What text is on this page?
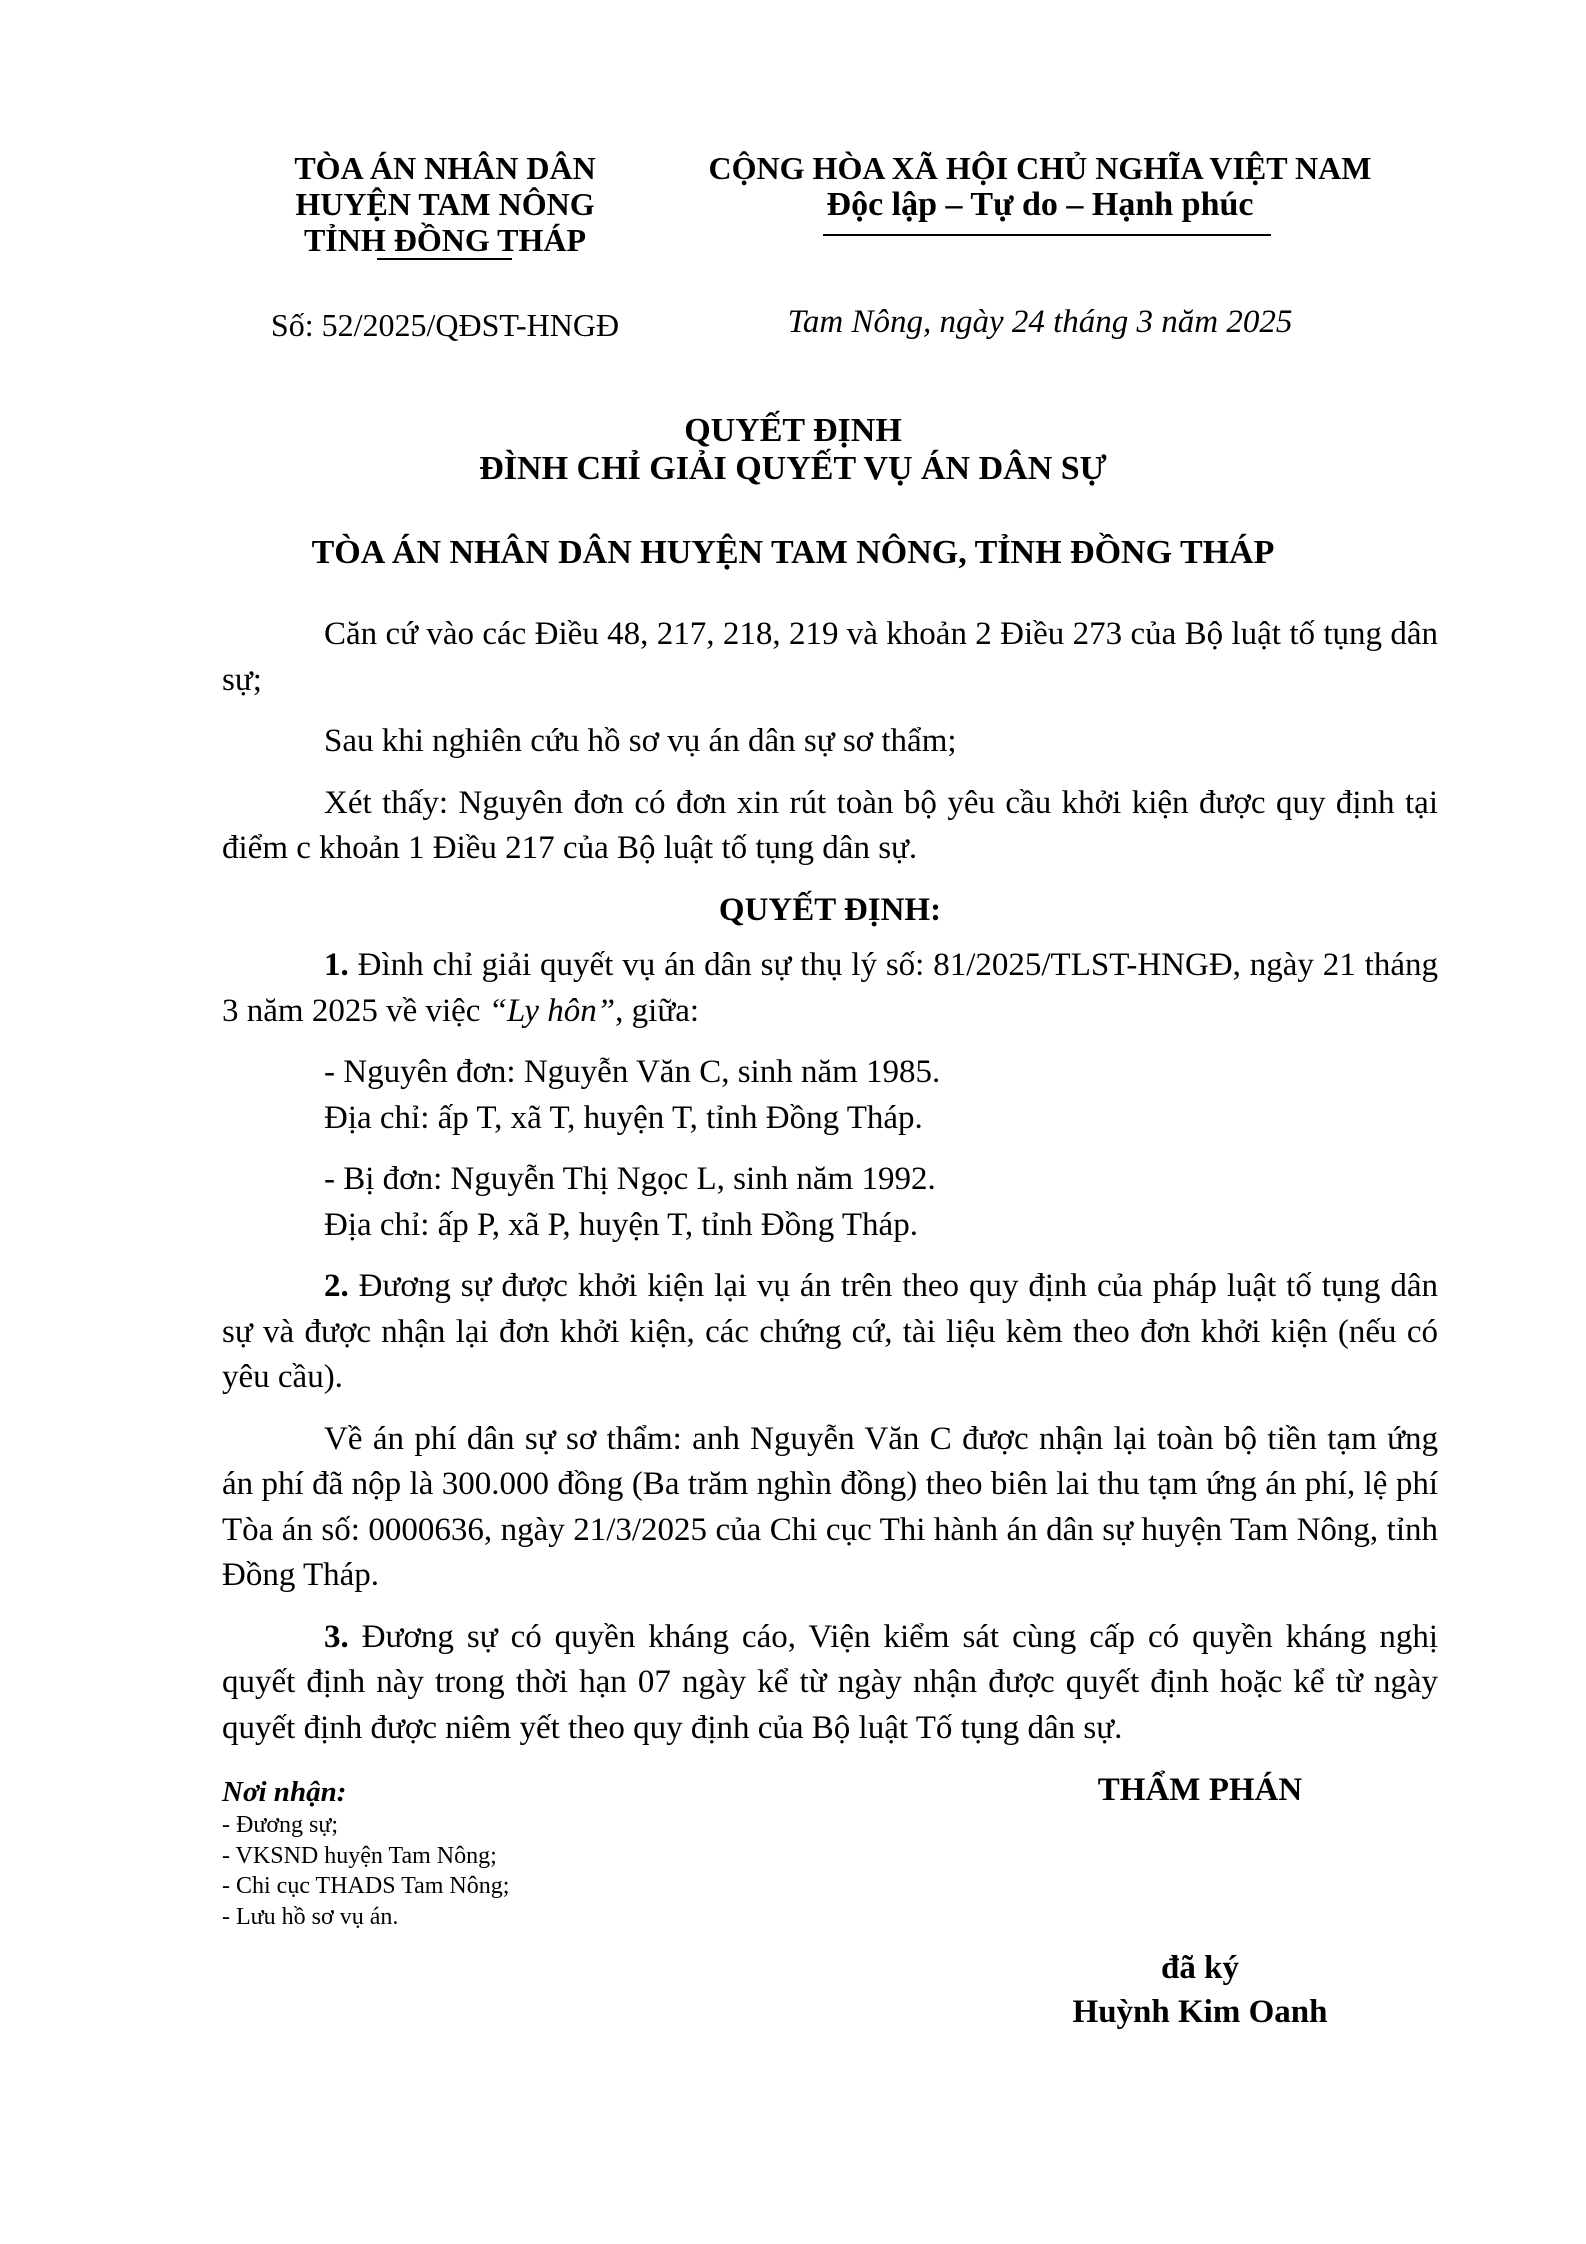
TÒA ÁN NHÂN DÂN
HUYỆN TAM NÔNG
TỈNH ĐỒNG THÁP
Số: 52/2025/QĐST-HNGĐ
CỘNG HÒA XÃ HỘI CHỦ NGHĨA VIỆT NAM
Độc lập – Tự do – Hạnh phúc
Tam Nông, ngày 24 tháng 3 năm 2025
QUYẾT ĐỊNH
ĐÌNH CHỈ GIẢI QUYẾT VỤ ÁN DÂN SỰ
TÒA ÁN NHÂN DÂN HUYỆN TAM NÔNG, TỈNH ĐỒNG THÁP

Căn cứ vào các Điều 48, 217, 218, 219 và khoản 2 Điều 273 của Bộ luật tố tụng dân sự;

Sau khi nghiên cứu hồ sơ vụ án dân sự sơ thẩm;

Xét thấy: Nguyên đơn có đơn xin rút toàn bộ yêu cầu khởi kiện được quy định tại điểm c khoản 1 Điều 217 của Bộ luật tố tụng dân sự.

QUYẾT ĐỊNH:

1. Đình chỉ giải quyết vụ án dân sự thụ lý số: 81/2025/TLST-HNGĐ, ngày 21 tháng 3 năm 2025 về việc “Ly hôn”, giữa:

- Nguyên đơn: Nguyễn Văn C, sinh năm 1985.

Địa chỉ: ấp T, xã T, huyện T, tỉnh Đồng Tháp.

- Bị đơn: Nguyễn Thị Ngọc L, sinh năm 1992.

Địa chỉ: ấp P, xã P, huyện T, tỉnh Đồng Tháp.

2. Đương sự được khởi kiện lại vụ án trên theo quy định của pháp luật tố tụng dân sự và được nhận lại đơn khởi kiện, các chứng cứ, tài liệu kèm theo đơn khởi kiện (nếu có yêu cầu).

Về án phí dân sự sơ thẩm: anh Nguyễn Văn C được nhận lại toàn bộ tiền tạm ứng án phí đã nộp là 300.000 đồng (Ba trăm nghìn đồng) theo biên lai thu tạm ứng án phí, lệ phí Tòa án số: 0000636, ngày 21/3/2025 của Chi cục Thi hành án dân sự huyện Tam Nông, tỉnh Đồng Tháp.

3. Đương sự có quyền kháng cáo, Viện kiểm sát cùng cấp có quyền kháng nghị quyết định này trong thời hạn 07 ngày kể từ ngày nhận được quyết định hoặc kể từ ngày quyết định được niêm yết theo quy định của Bộ luật Tố tụng dân sự.

Nơi nhận:
- Đương sự;
- VKSND huyện Tam Nông;
- Chi cục THADS Tam Nông;
- Lưu hồ sơ vụ án.
THẨM PHÁN
đã ký
Huỳnh Kim Oanh
